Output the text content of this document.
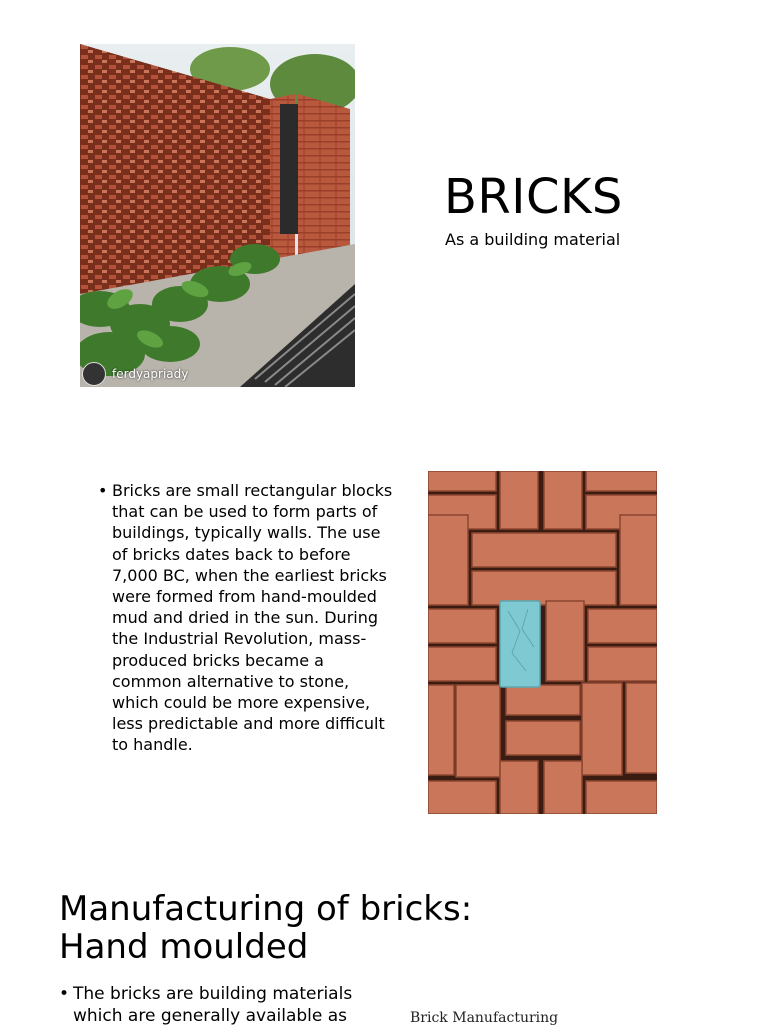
ferdyapriady
BRICKS
As a building material
• Bricks are small rectangular blocks that can be used to form parts of buildings, typically walls. The use of bricks dates back to before 7,000 BC, when the earliest bricks were formed from hand-moulded mud and dried in the sun. During the Industrial Revolution, mass-produced bricks became a common alternative to stone, which could be more expensive, less predictable and more difficult to handle.
Manufacturing of bricks:
Hand moulded
• The bricks are building materials which are generally available as	Brick Manufacturing
